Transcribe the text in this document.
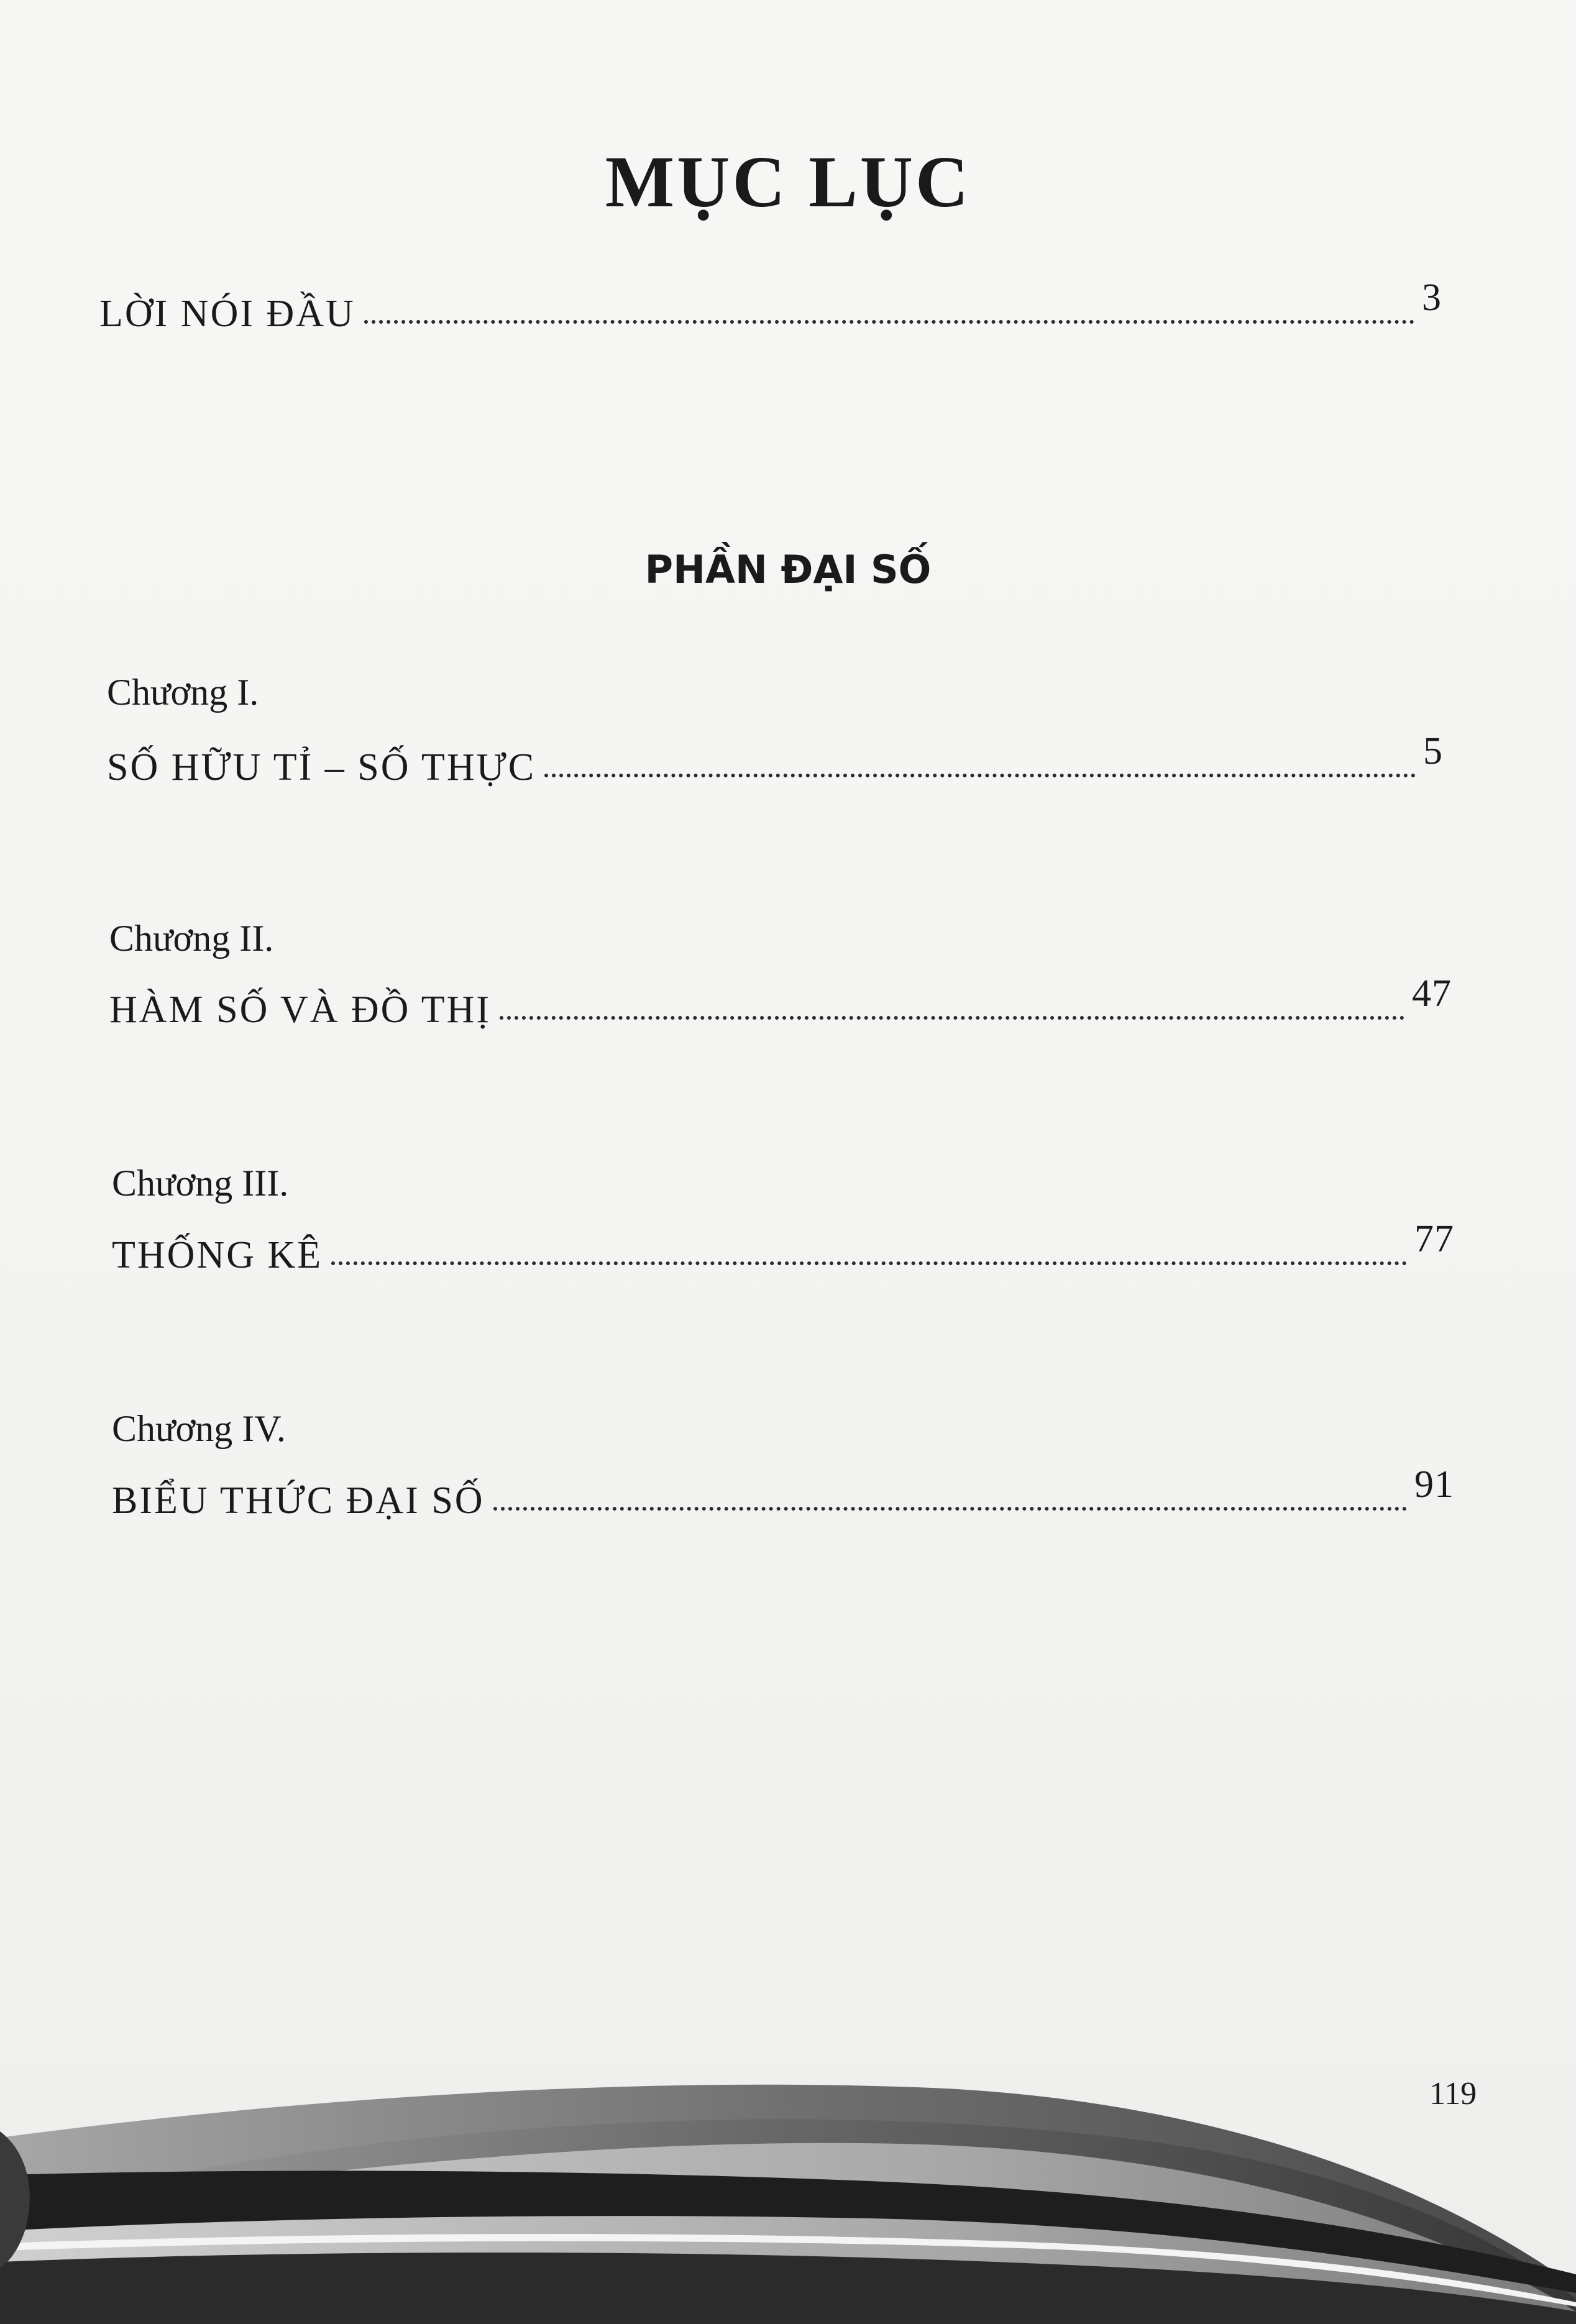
MỤC LỤC
LỜI NÓI ĐẦU	3
PHẦN ĐẠI SỐ

Chương I.

SỐ HỮU TỈ – SỐ THỰC	5

Chương II.

HÀM SỐ VÀ ĐỒ THỊ	47

Chương III.

THỐNG KÊ	77

Chương IV.

BIỂU THỨC ĐẠI SỐ	91
119
